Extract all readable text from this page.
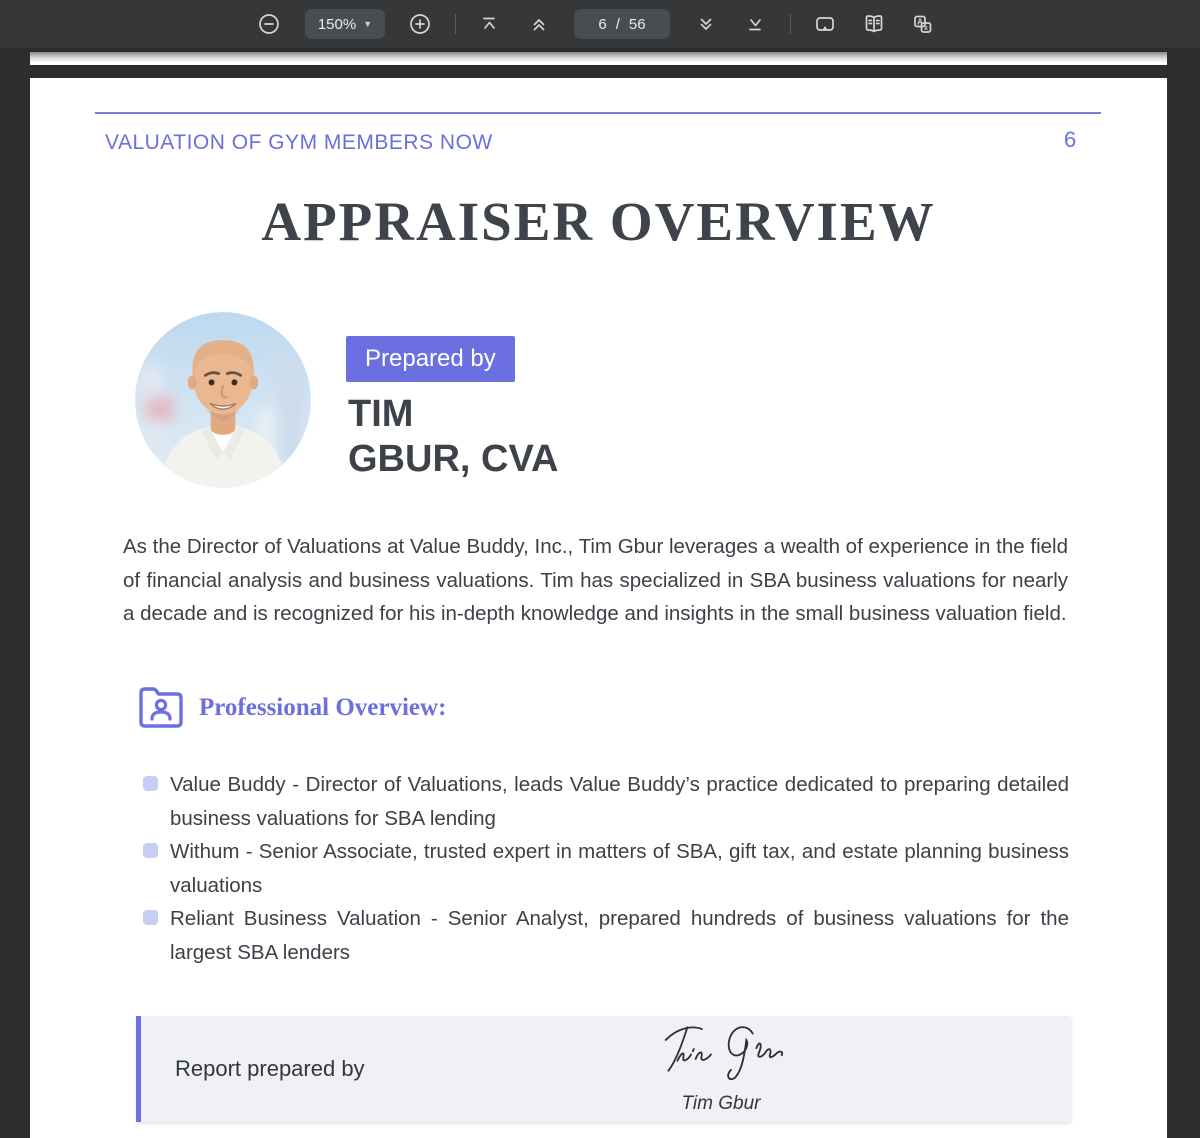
150% ▼	6 / 56	A
x
VALUATION OF GYM MEMBERS NOW	6
APPRAISER OVERVIEW
Prepared by
TIM
GBUR, CVA

As the Director of Valuations at Value Buddy, Inc., Tim Gbur leverages a wealth of experience in the field of financial analysis and business valuations. Tim has specialized in SBA business valuations for nearly a decade and is recognized for his in-depth knowledge and insights in the small business valuation field.

Professional Overview:
Value Buddy - Director of Valuations, leads Value Buddy’s practice dedicated to preparing detailed business valuations for SBA lending
Withum - Senior Associate, trusted expert in matters of SBA, gift tax, and estate planning business valuations
Reliant Business Valuation - Senior Analyst, prepared hundreds of business valuations for the largest SBA lenders
Report prepared by
Tim Gbur
